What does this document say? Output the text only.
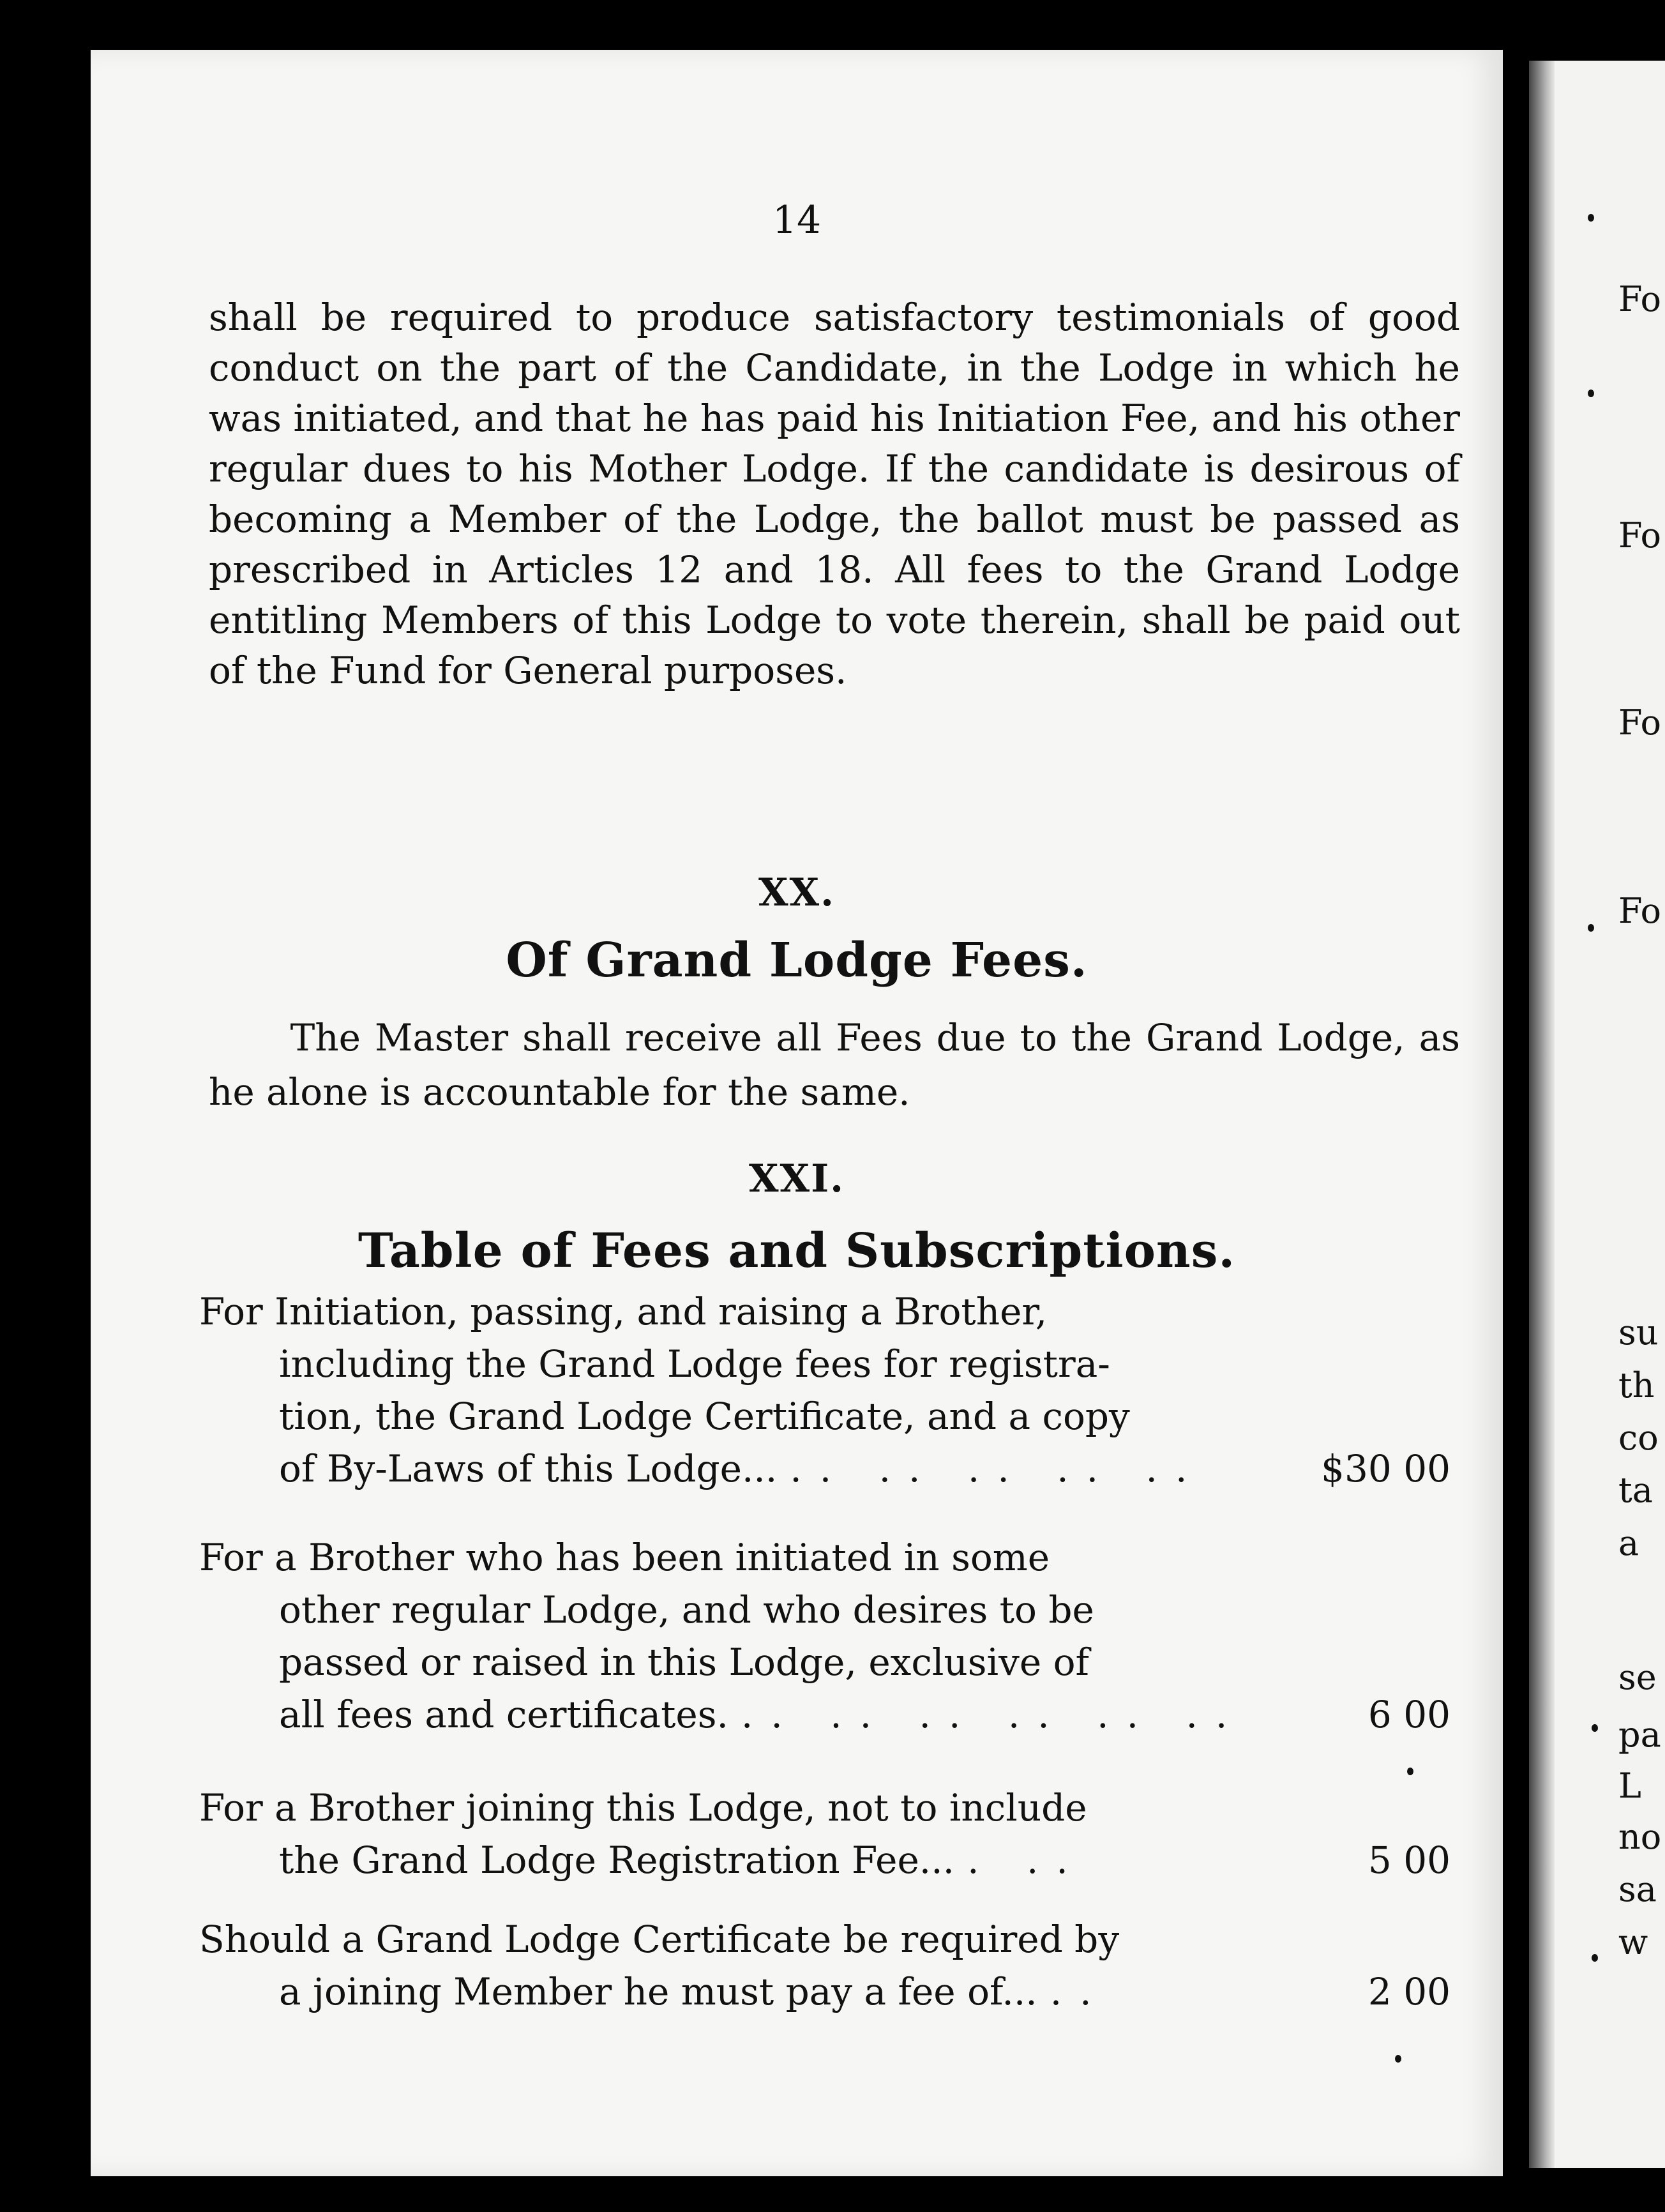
14
shall be required to produce satisfactory testimonials of good conduct on the part of the Candidate, in the Lodge in which he was initiated, and that he has paid his Initiation Fee, and his other regular dues to his Mother Lodge. If the candidate is desirous of becoming a Member of the Lodge, the ballot must be passed as prescribed in Articles 12 and 18. All fees to the Grand Lodge entitling Members of this Lodge to vote therein, shall be paid out of the Fund for General purposes.
XX.
Of Grand Lodge Fees.
The Master shall receive all Fees due to the Grand Lodge, as he alone is accountable for the same.
XXI.
Table of Fees and Subscriptions.
For Initiation, passing, and raising a Brother,
including the Grand Lodge fees for registra-
tion, the Grand Lodge Certificate, and a copy
of By-Laws of this Lodge... .. .. .. .. ..	$30 00
For a Brother who has been initiated in some
other regular Lodge, and who desires to be
passed or raised in this Lodge, exclusive of
all fees and certificates. .. .. .. .. .. ..	6 00
For a Brother joining this Lodge, not to include
the Grand Lodge Registration Fee... . ..	5 00
Should a Grand Lodge Certificate be required by
a joining Member he must pay a fee of... ..	2 00
Fo
Fo
Fo
Fo
su
th
co
ta
a
se
pa
L
no
sa
w
